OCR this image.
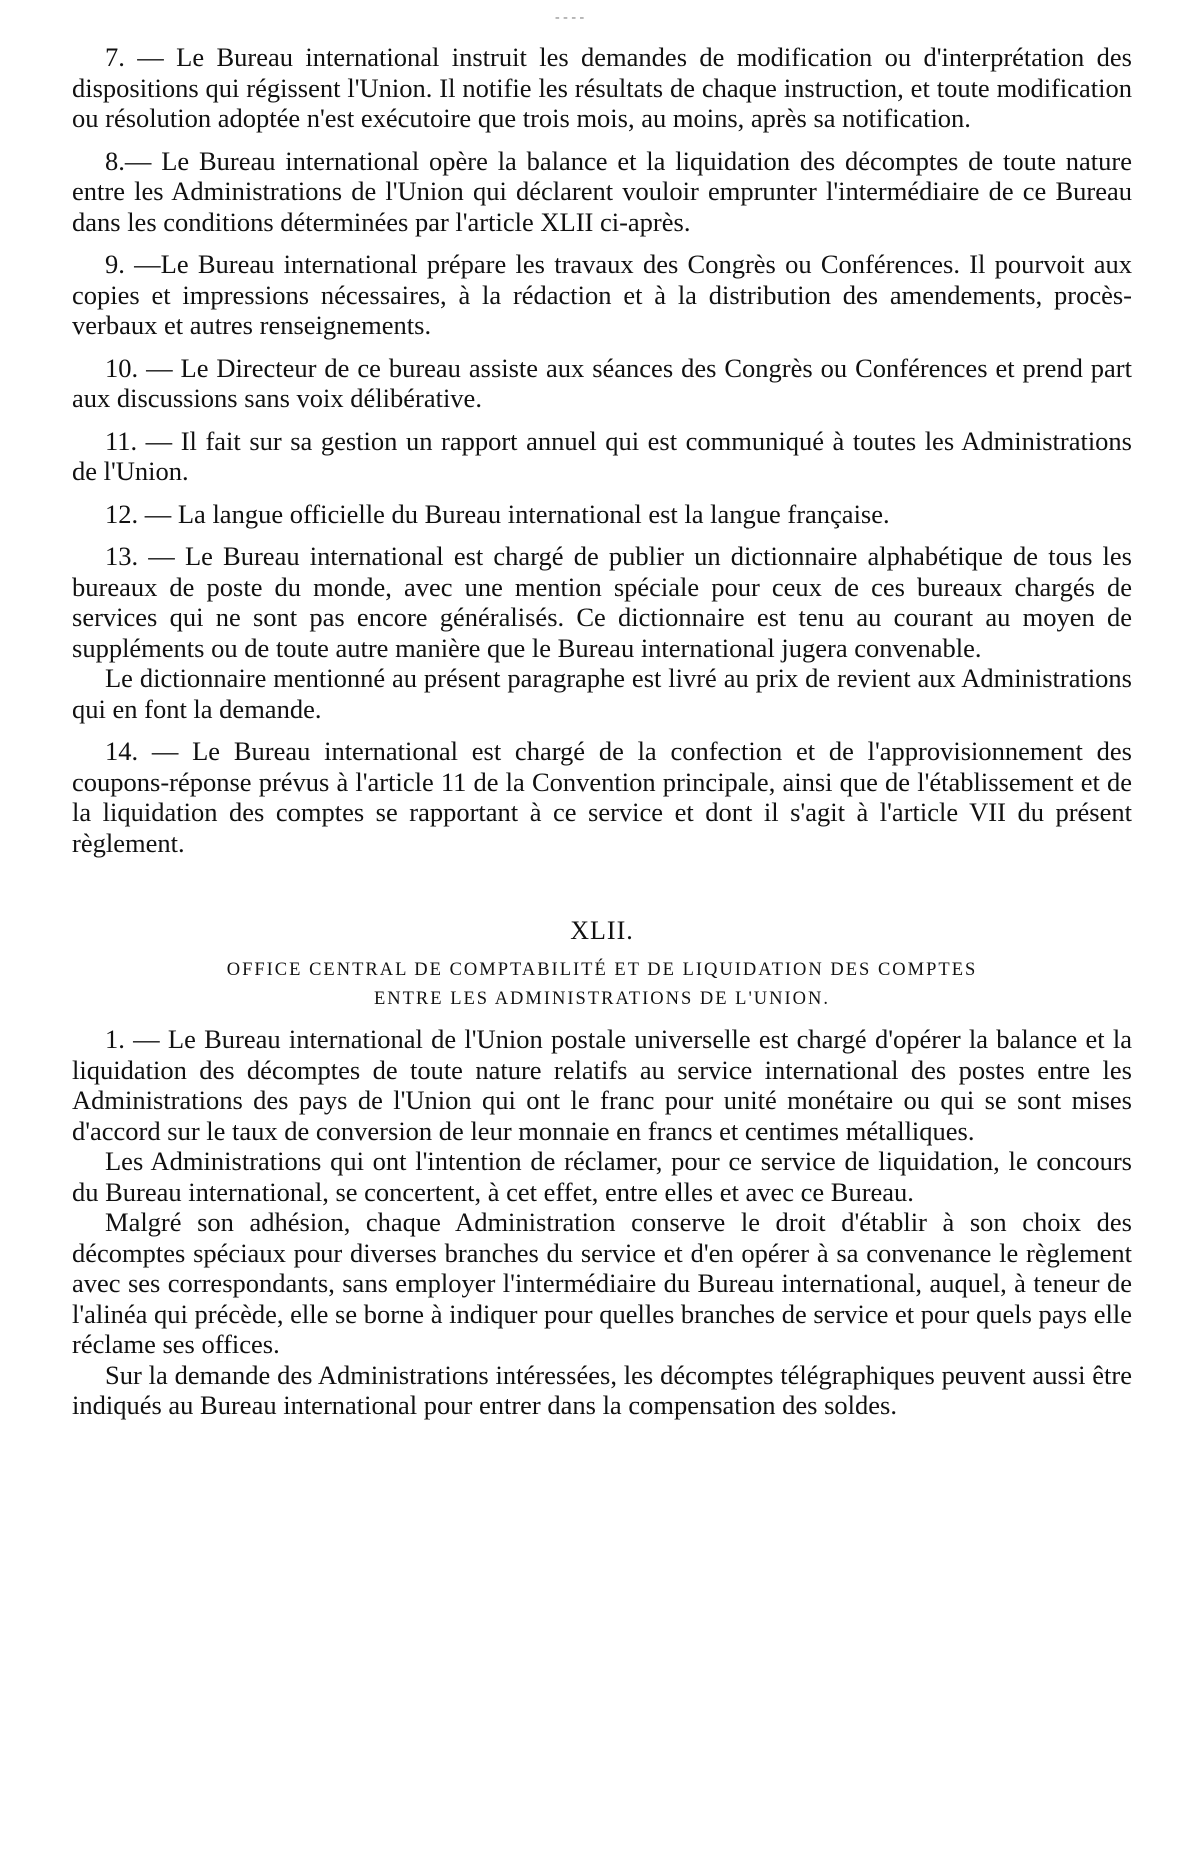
- - - -

7. — Le Bureau international instruit les demandes de modification ou d'interprétation des dispositions qui régissent l'Union. Il notifie les résultats de chaque instruction, et toute modification ou résolution adoptée n'est exécutoire que trois mois, au moins, après sa notification.

8.— Le Bureau international opère la balance et la liquidation des décomptes de toute nature entre les Administrations de l'Union qui déclarent vouloir emprunter l'intermédiaire de ce Bureau dans les conditions déterminées par l'article XLII ci-après.

9. —Le Bureau international prépare les travaux des Congrès ou Conférences. Il pourvoit aux copies et impressions nécessaires, à la rédaction et à la distribution des amendements, procès-verbaux et autres renseignements.

10. — Le Directeur de ce bureau assiste aux séances des Congrès ou Conférences et prend part aux discussions sans voix délibérative.

11. — Il fait sur sa gestion un rapport annuel qui est communiqué à toutes les Administrations de l'Union.

12. — La langue officielle du Bureau international est la langue française.

13. — Le Bureau international est chargé de publier un dictionnaire alphabétique de tous les bureaux de poste du monde, avec une mention spéciale pour ceux de ces bureaux chargés de services qui ne sont pas encore généralisés. Ce dictionnaire est tenu au courant au moyen de suppléments ou de toute autre manière que le Bureau international jugera convenable.

Le dictionnaire mentionné au présent paragraphe est livré au prix de revient aux Administrations qui en font la demande.

14. — Le Bureau international est chargé de la confection et de l'approvisionnement des coupons-réponse prévus à l'article 11 de la Convention principale, ainsi que de l'établissement et de la liquidation des comptes se rapportant à ce service et dont il s'agit à l'article VII du présent règlement.

XLII.
OFFICE CENTRAL DE COMPTABILITÉ ET DE LIQUIDATION DES COMPTES
ENTRE LES ADMINISTRATIONS DE L'UNION.

1. — Le Bureau international de l'Union postale universelle est chargé d'opérer la balance et la liquidation des décomptes de toute nature relatifs au service international des postes entre les Administrations des pays de l'Union qui ont le franc pour unité monétaire ou qui se sont mises d'accord sur le taux de conversion de leur monnaie en francs et centimes métalliques.

Les Administrations qui ont l'intention de réclamer, pour ce service de liquidation, le concours du Bureau international, se concertent, à cet effet, entre elles et avec ce Bureau.

Malgré son adhésion, chaque Administration conserve le droit d'établir à son choix des décomptes spéciaux pour diverses branches du service et d'en opérer à sa convenance le règlement avec ses correspondants, sans employer l'intermédiaire du Bureau international, auquel, à teneur de l'alinéa qui précède, elle se borne à indiquer pour quelles branches de service et pour quels pays elle réclame ses offices.

Sur la demande des Administrations intéressées, les décomptes télégraphiques peuvent aussi être indiqués au Bureau international pour entrer dans la compensation des soldes.
